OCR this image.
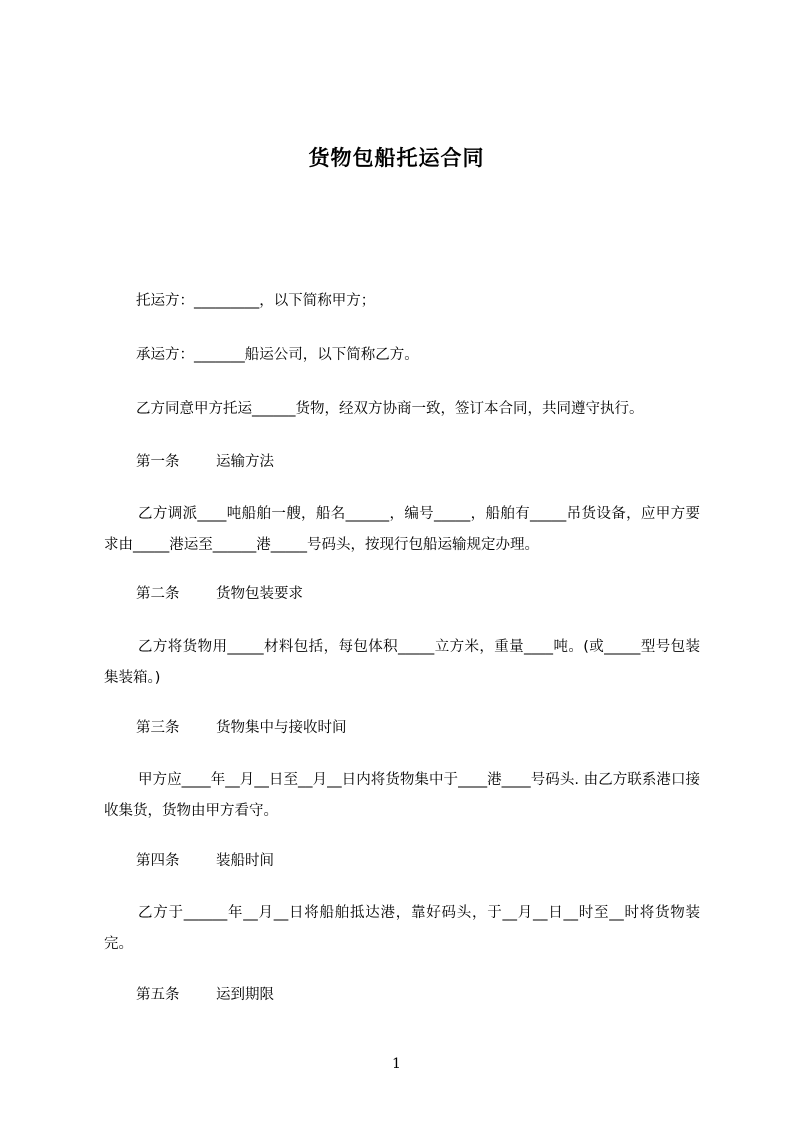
货物包船托运合同
托运方：_________，以下简称甲方；
承运方：_______船运公司，以下简称乙方。
乙方同意甲方托运______货物，经双方协商一致，签订本合同，共同遵守执行。
第一条	运输方法
乙方调派____吨船舶一艘，船名______，编号_____，船舶有_____吊货设备，应甲方要求由_____港运至______港_____号码头，按现行包船运输规定办理。
第二条	货物包装要求
乙方将货物用_____材料包括，每包体积_____立方米，重量____吨。(或_____型号包装集装箱。)
第三条	货物集中与接收时间
甲方应____年__月__日至__月__日内将货物集中于____港____号码头. 由乙方联系港口接收集货，货物由甲方看守。
第四条	装船时间
乙方于______年__月__日将船舶抵达港，靠好码头，于__月__日__时至__时将货物装完。
第五条	运到期限
1
